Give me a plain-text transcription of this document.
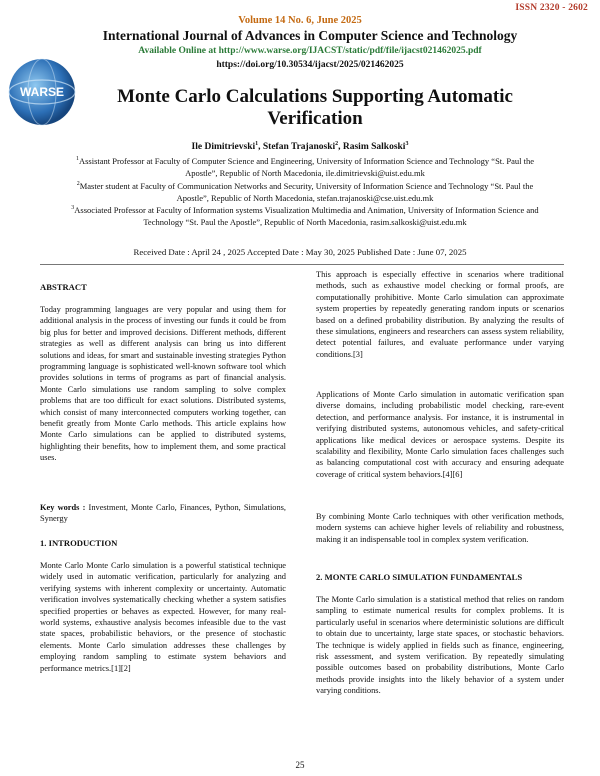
ISSN 2320 - 2602
WARSE
Volume 14 No. 6, June 2025
International Journal of Advances in Computer Science and Technology
Available Online at http://www.warse.org/IJACST/static/pdf/file/ijacst021462025.pdf
https://doi.org/10.30534/ijacst/2025/021462025
Monte Carlo Calculations Supporting Automatic Verification
Ile Dimitrievski$^1$, Stefan Trajanoski$^2$, Rasim Salkoski$^3$
$^1$Assistant Professor at Faculty of Computer Science and Engineering, University of Information Science and Technology “St. Paul the Apostle”, Republic of North Macedonia, ile.dimitrievski@uist.edu.mk
$^2$Master student at Faculty of Communication Networks and Security, University of Information Science and Technology “St. Paul the Apostle”, Republic of North Macedonia, stefan.trajanoski@cse.uist.edu.mk
$^3$Associated Professor at Faculty of Information systems Visualization Multimedia and Animation, University of Information Science and Technology “St. Paul the Apostle”, Republic of North Macedonia, rasim.salkoski@uist.edu.mk
Received Date : April 24 , 2025 Accepted Date : May 30, 2025 Published Date : June 07, 2025
ABSTRACT
Today programming languages are very popular and using them for additional analysis in the process of investing our funds it could be from big plus for better and improved decisions. Different methods, different strategies as well as different analysis can bring us into different solutions and ideas, for smart and sustainable investing strategies Python programming language is sophisticated well-known software tool which provides solutions in terms of programs as part of financial analysis. Monte Carlo simulations use random sampling to solve complex problems that are too difficult for exact solutions. Distributed systems, which consist of many interconnected computers working together, can benefit greatly from Monte Carlo methods. This article explains how Monte Carlo simulations can be applied to distributed systems, highlighting their benefits, how to implement them, and some practical uses.
Key words : Investment, Monte Carlo, Finances, Python, Simulations, Synergy
1. INTRODUCTION
Monte Carlo Monte Carlo simulation is a powerful statistical technique widely used in automatic verification, particularly for analyzing and verifying systems with inherent complexity or uncertainty. Automatic verification involves systematically checking whether a system satisfies specified properties or behaves as expected. However, for many real-world systems, exhaustive analysis becomes infeasible due to the vast state spaces, probabilistic behaviors, or the presence of stochastic elements. Monte Carlo simulation addresses these challenges by employing random sampling to estimate system behaviors and performance metrics.[1][2]
This approach is especially effective in scenarios where traditional methods, such as exhaustive model checking or formal proofs, are computationally prohibitive. Monte Carlo simulation can approximate system properties by repeatedly generating random inputs or scenarios based on a defined probability distribution. By analyzing the results of these simulations, engineers and researchers can assess system reliability, detect potential failures, and evaluate performance under varying conditions.[3]
Applications of Monte Carlo simulation in automatic verification span diverse domains, including probabilistic model checking, rare-event detection, and performance analysis. For instance, it is instrumental in verifying distributed systems, autonomous vehicles, and safety-critical applications like medical devices or aerospace systems. Despite its scalability and flexibility, Monte Carlo simulation faces challenges such as balancing computational cost with accuracy and ensuring adequate coverage of critical system behaviors.[4][6]
By combining Monte Carlo techniques with other verification methods, modern systems can achieve higher levels of reliability and robustness, making it an indispensable tool in complex system verification.
2. MONTE CARLO SIMULATION FUNDAMENTALS
The Monte Carlo simulation is a statistical method that relies on random sampling to estimate numerical results for complex problems. It is particularly useful in scenarios where deterministic solutions are difficult to obtain due to uncertainty, large state spaces, or stochastic behaviors. The technique is widely applied in fields such as finance, engineering, risk assessment, and system verification. By repeatedly simulating possible outcomes based on probability distributions, Monte Carlo methods provide insights into the likely behavior of a system under varying conditions.
25
